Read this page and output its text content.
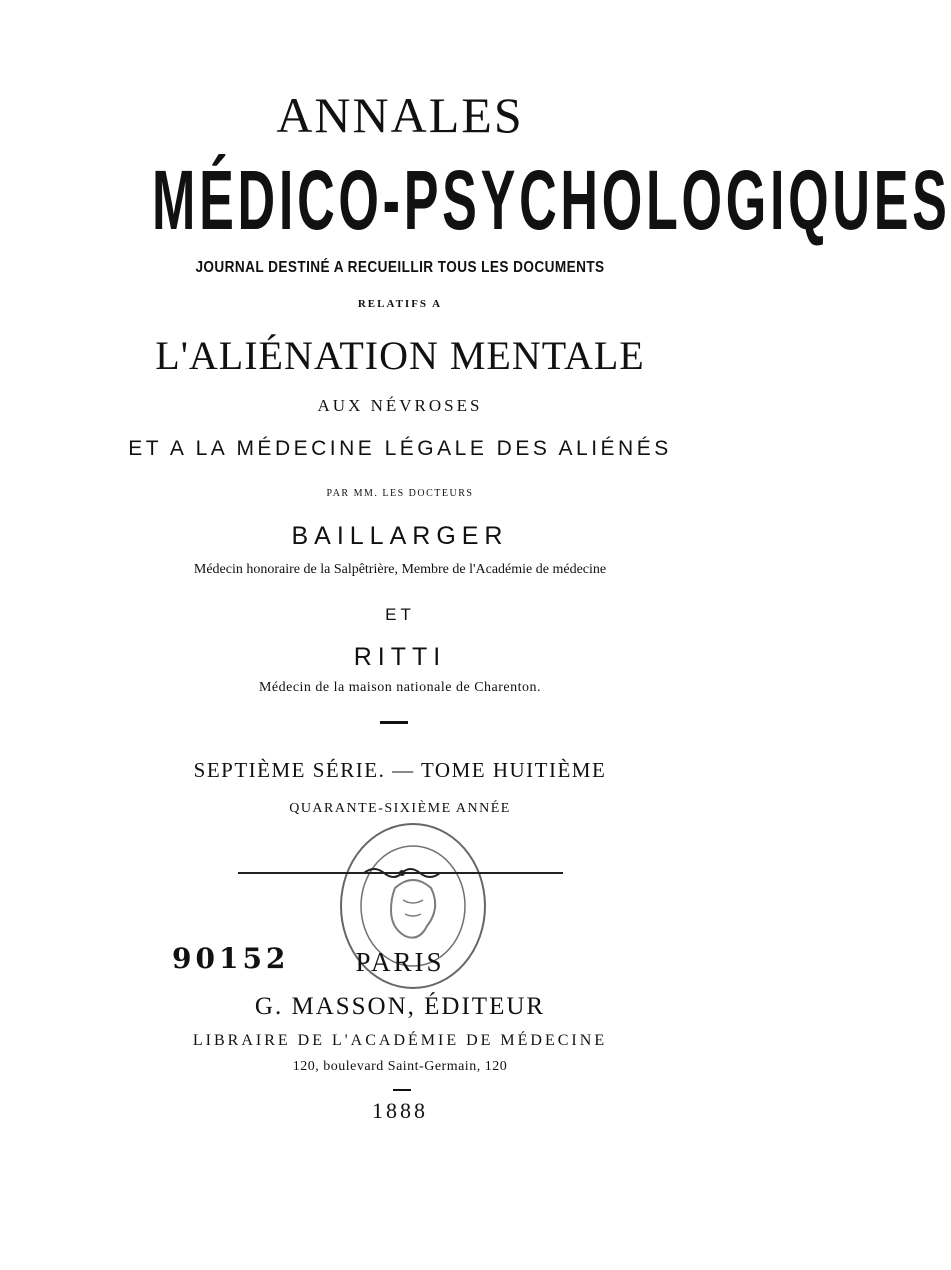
ANNALES
MÉDICO-PSYCHOLOGIQUES
JOURNAL DESTINÉ A RECUEILLIR TOUS LES DOCUMENTS
RELATIFS A
L'ALIÉNATION MENTALE
AUX NÉVROSES
ET A LA MÉDECINE LÉGALE DES ALIÉNÉS
PAR MM. LES DOCTEURS
BAILLARGER
Médecin honoraire de la Salpêtrière, Membre de l'Académie de médecine
ET
RITTI
Médecin de la maison nationale de Charenton.
SEPTIÈME SÉRIE. — TOME HUITIÈME
QUARANTE-SIXIÈME ANNÉE
90152	PARIS
G. MASSON, ÉDITEUR
LIBRAIRE DE L'ACADÉMIE DE MÉDECINE
120, boulevard Saint-Germain, 120
1888
